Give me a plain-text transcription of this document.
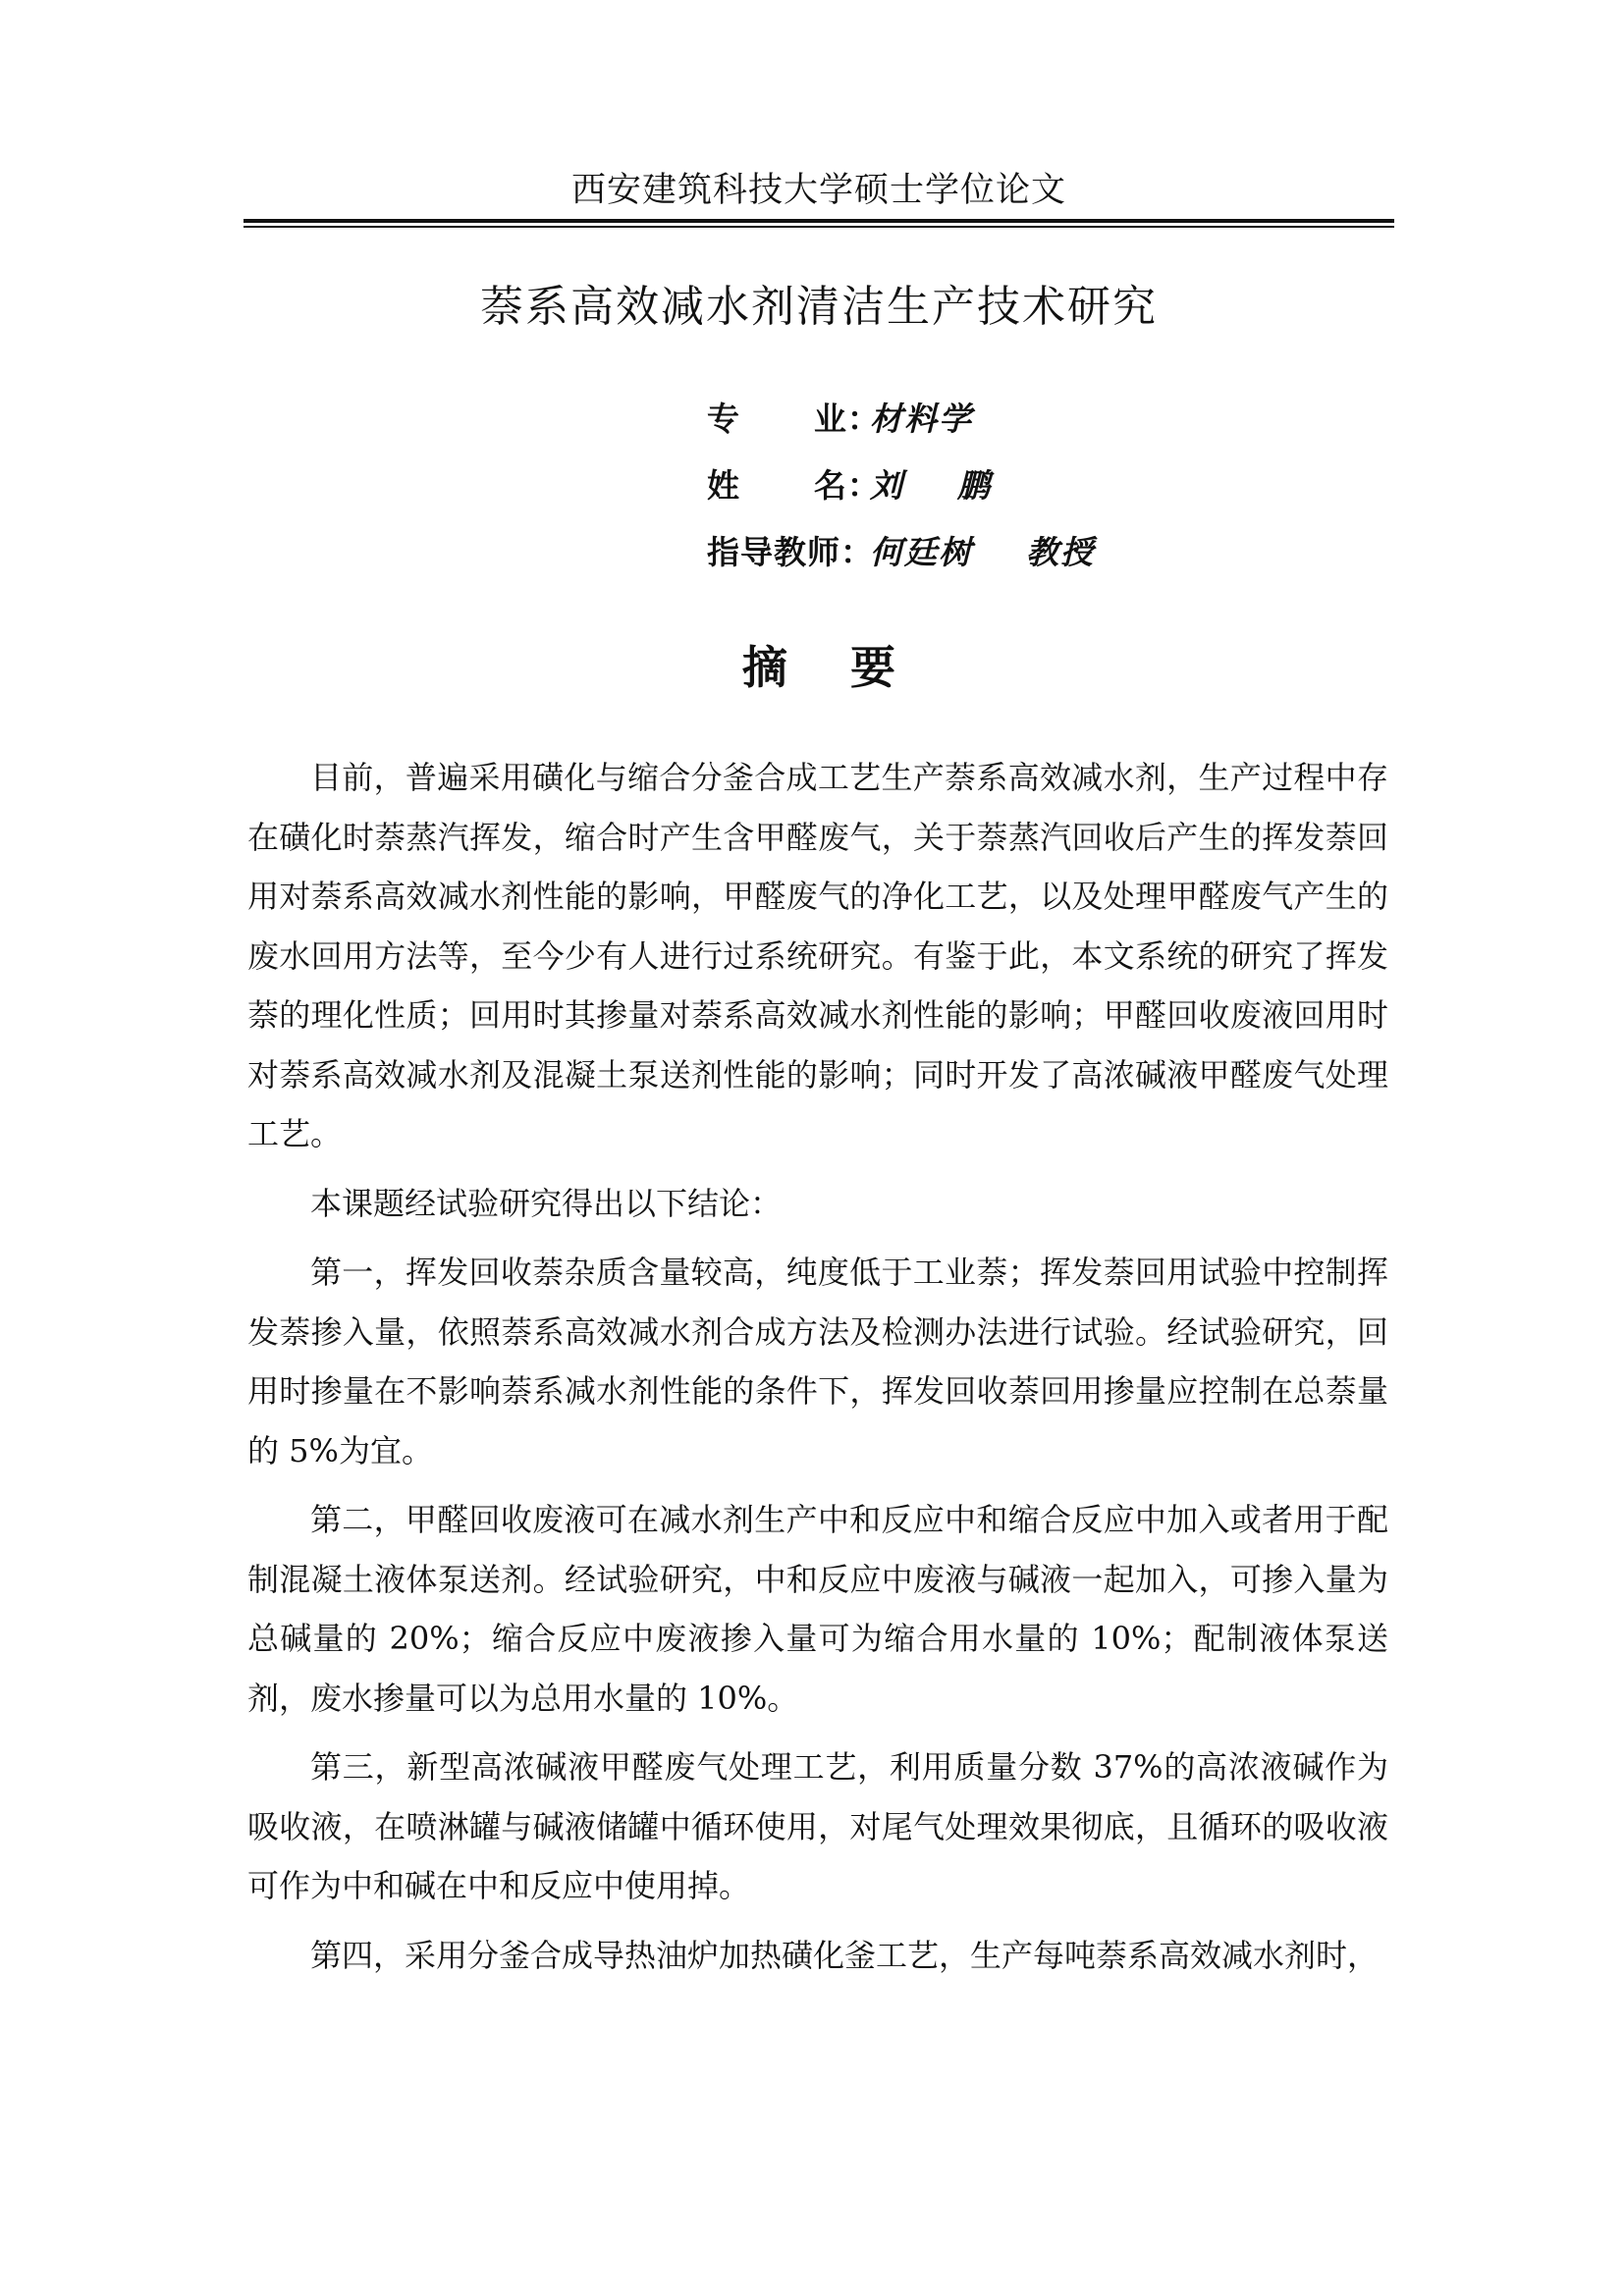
西安建筑科技大学硕士学位论文
萘系高效减水剂清洁生产技术研究
专      业：
材料学
姓      名：
刘    鹏
指导教师：
何廷树    教授
摘    要

目前，普遍采用磺化与缩合分釜合成工艺生产萘系高效减水剂，生产过程中存在磺化时萘蒸汽挥发，缩合时产生含甲醛废气，关于萘蒸汽回收后产生的挥发萘回用对萘系高效减水剂性能的影响，甲醛废气的净化工艺，以及处理甲醛废气产生的废水回用方法等，至今少有人进行过系统研究。有鉴于此，本文系统的研究了挥发萘的理化性质；回用时其掺量对萘系高效减水剂性能的影响；甲醛回收废液回用时对萘系高效减水剂及混凝土泵送剂性能的影响；同时开发了高浓碱液甲醛废气处理工艺。

本课题经试验研究得出以下结论：

第一，挥发回收萘杂质含量较高，纯度低于工业萘；挥发萘回用试验中控制挥发萘掺入量，依照萘系高效减水剂合成方法及检测办法进行试验。经试验研究，回用时掺量在不影响萘系减水剂性能的条件下，挥发回收萘回用掺量应控制在总萘量的 5%为宜。

第二，甲醛回收废液可在减水剂生产中和反应中和缩合反应中加入或者用于配制混凝土液体泵送剂。经试验研究，中和反应中废液与碱液一起加入，可掺入量为总碱量的 20%；缩合反应中废液掺入量可为缩合用水量的 10%；配制液体泵送剂，废水掺量可以为总用水量的 10%。

第三，新型高浓碱液甲醛废气处理工艺，利用质量分数 37%的高浓液碱作为吸收液，在喷淋罐与碱液储罐中循环使用，对尾气处理效果彻底，且循环的吸收液可作为中和碱在中和反应中使用掉。

第四，采用分釜合成导热油炉加热磺化釜工艺，生产每吨萘系高效减水剂时，
